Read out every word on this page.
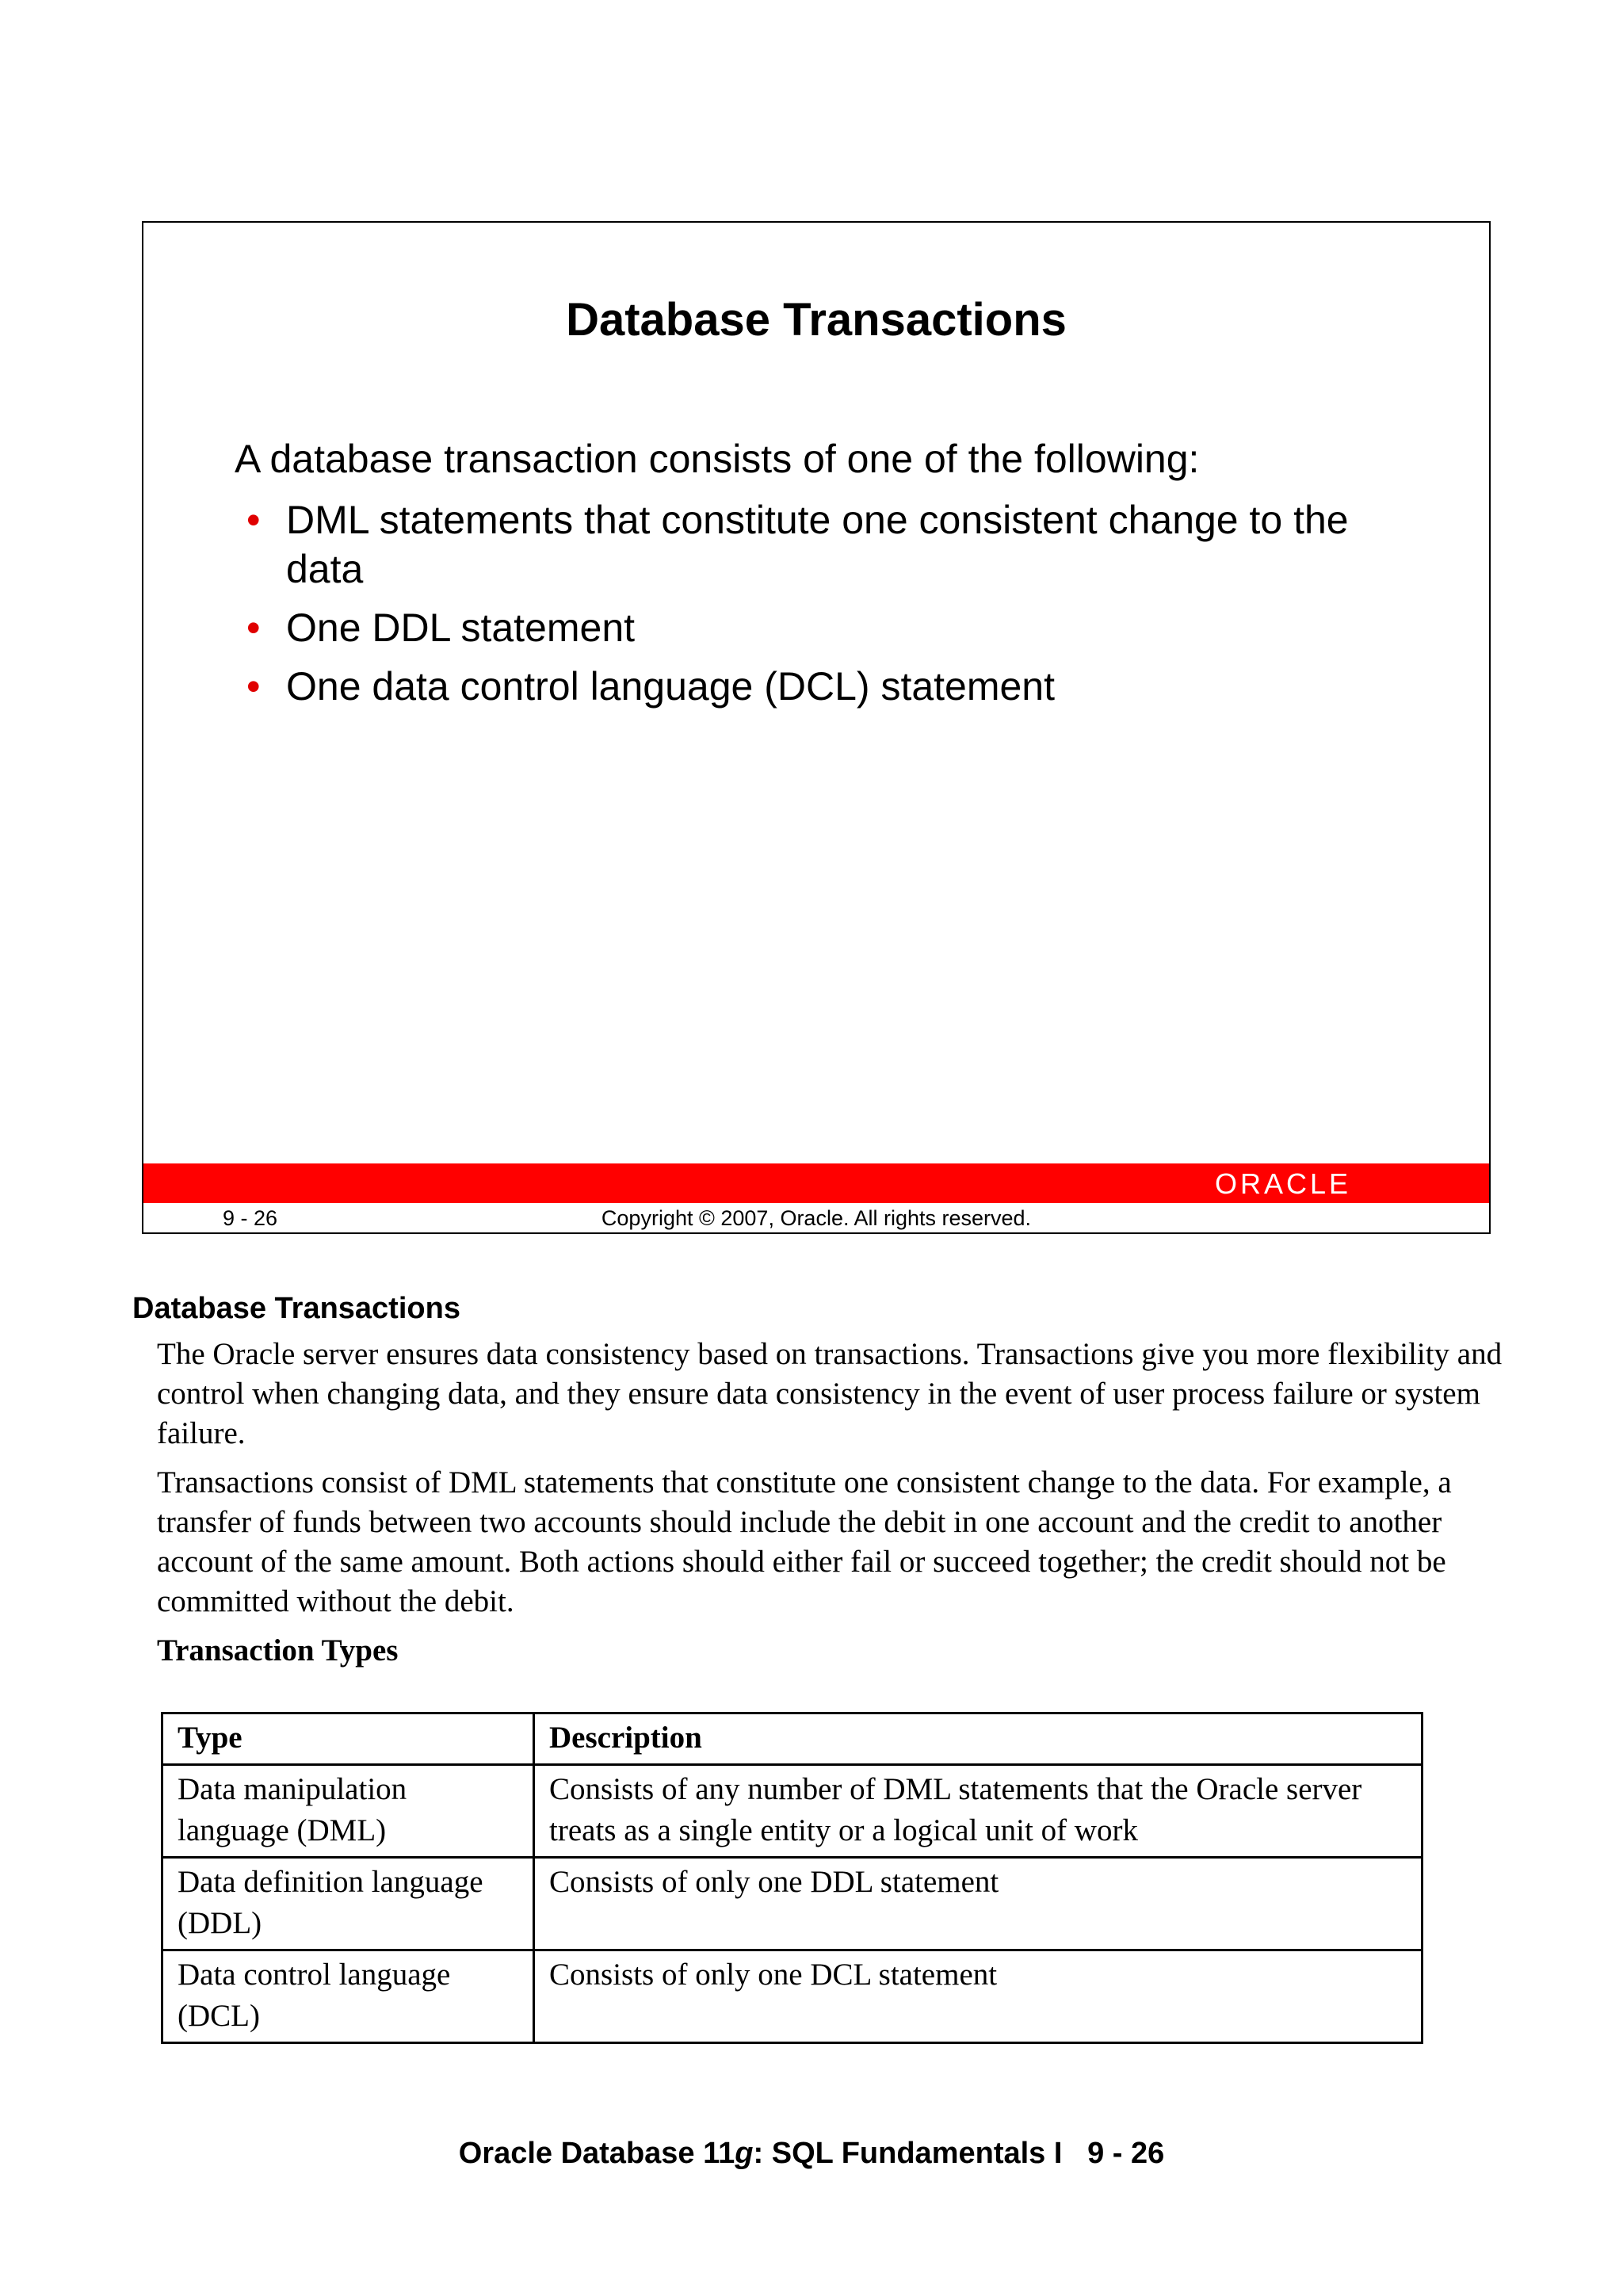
Database Transactions
A database transaction consists of one of the following:
• DML statements that constitute one consistent change to the data
• One DDL statement
• One data control language (DCL) statement
ORACLE
9 - 26	Copyright © 2007, Oracle. All rights reserved.
Database Transactions

The Oracle server ensures data consistency based on transactions. Transactions give you more flexibility and control when changing data, and they ensure data consistency in the event of user process failure or system failure.

Transactions consist of DML statements that constitute one consistent change to the data. For example, a transfer of funds between two accounts should include the debit in one account and the credit to another account of the same amount. Both actions should either fail or succeed together; the credit should not be committed without the debit.

Transaction Types

Type	Description
Data manipulation language (DML)	Consists of any number of DML statements that the Oracle server treats as a single entity or a logical unit of work
Data definition language (DDL)	Consists of only one DDL statement
Data control language (DCL)	Consists of only one DCL statement
Oracle Database 11g: SQL Fundamentals I   9 - 26
